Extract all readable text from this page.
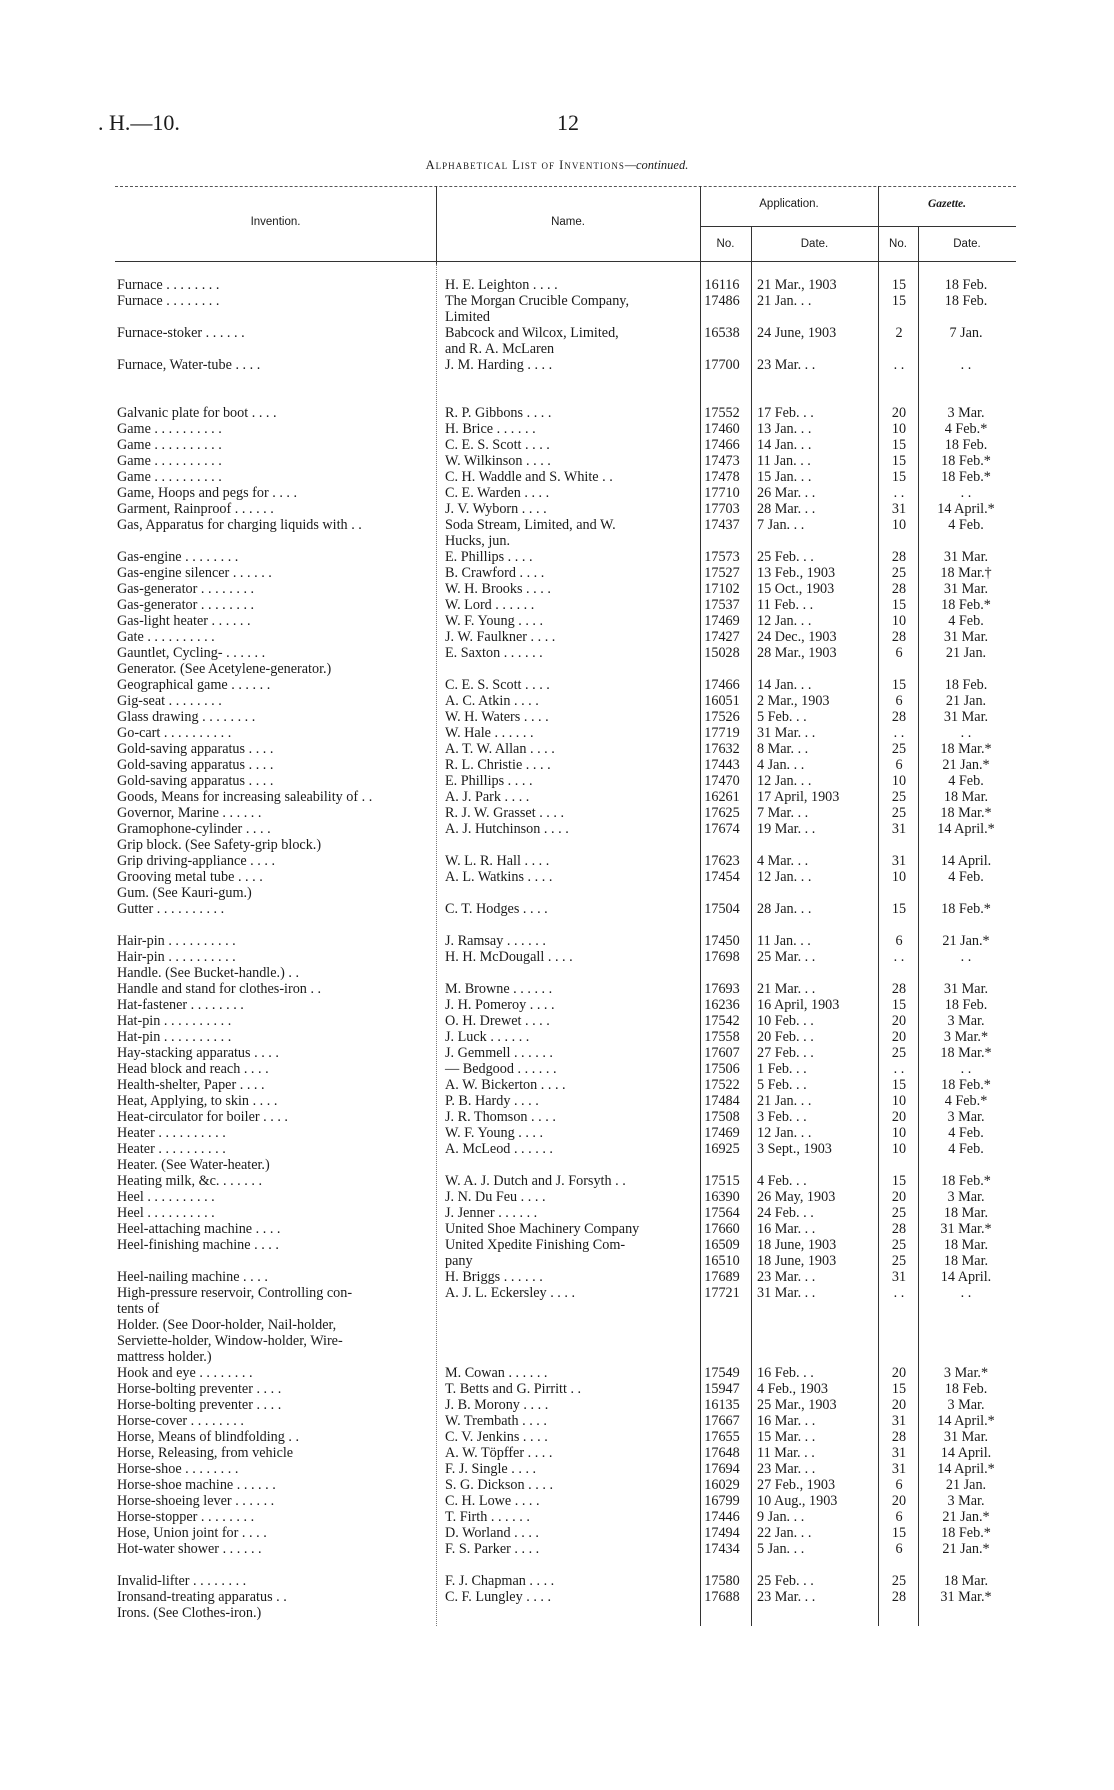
. H.—10.	12
Alphabetical List of Inventions—continued.
Invention.	Name.
Application.	Gazette.
No.	Date.	No.	Date.
Furnace . . . . . . . .	H. E. Leighton . . . .	16116 21 Mar., 1903	15	18 Feb.
Furnace . . . . . . . .	The Morgan Crucible Company,	17486 21 Jan. . .	15	18 Feb.
Limited
Furnace-stoker . . . . . .	Babcock and Wilcox, Limited,	16538 24 June, 1903	2	7 Jan.
and R. A. McLaren
Furnace, Water-tube . . . .	J. M. Harding . . . .	17700 23 Mar. . .	. .	. .
Galvanic plate for boot . . . .	R. P. Gibbons . . . .	17552 17 Feb. . .	20	3 Mar.
Game . . . . . . . . . .	H. Brice . . . . . .	17460 13 Jan. . .	10	4 Feb.*
Game . . . . . . . . . .	C. E. S. Scott . . . .	17466 14 Jan. . .	15	18 Feb.
Game . . . . . . . . . .	W. Wilkinson . . . .	17473 11 Jan. . .	15	18 Feb.*
Game . . . . . . . . . .	C. H. Waddle and S. White . .	17478 15 Jan. . .	15	18 Feb.*
Game, Hoops and pegs for . . . .	C. E. Warden . . . .	17710 26 Mar. . .	. .	. .
Garment, Rainproof . . . . . .	J. V. Wyborn . . . .	17703 28 Mar. . .	31	14 April.*
Gas, Apparatus for charging liquids with . .	Soda Stream, Limited, and W.	17437 7 Jan. . .	10	4 Feb.
Hucks, jun.
Gas-engine . . . . . . . .	E. Phillips . . . .	17573 25 Feb. . .	28	31 Mar.
Gas-engine silencer . . . . . .	B. Crawford . . . .	17527 13 Feb., 1903	25	18 Mar.†
Gas-generator . . . . . . . .	W. H. Brooks . . . .	17102 15 Oct., 1903	28	31 Mar.
Gas-generator . . . . . . . .	W. Lord . . . . . .	17537 11 Feb. . .	15	18 Feb.*
Gas-light heater . . . . . .	W. F. Young . . . .	17469 12 Jan. . .	10	4 Feb.
Gate . . . . . . . . . .	J. W. Faulkner . . . .	17427 24 Dec., 1903	28	31 Mar.
Gauntlet, Cycling- . . . . . .	E. Saxton . . . . . .	15028 28 Mar., 1903	6	21 Jan.
Generator. (See Acetylene-generator.)
Geographical game . . . . . .	C. E. S. Scott . . . .	17466 14 Jan. . .	15	18 Feb.
Gig-seat . . . . . . . .	A. C. Atkin . . . .	16051 2 Mar., 1903	6	21 Jan.
Glass drawing . . . . . . . .	W. H. Waters . . . .	17526 5 Feb. . .	28	31 Mar.
Go-cart . . . . . . . . . .	W. Hale . . . . . .	17719 31 Mar. . .	. .	. .
Gold-saving apparatus . . . .	A. T. W. Allan . . . .	17632 8 Mar. . .	25	18 Mar.*
Gold-saving apparatus . . . .	R. L. Christie . . . .	17443 4 Jan. . .	6	21 Jan.*
Gold-saving apparatus . . . .	E. Phillips . . . .	17470 12 Jan. . .	10	4 Feb.
Goods, Means for increasing saleability of . .	A. J. Park . . . .	16261 17 April, 1903	25	18 Mar.
Governor, Marine . . . . . .	R. J. W. Grasset . . . .	17625 7 Mar. . .	25	18 Mar.*
Gramophone-cylinder . . . .	A. J. Hutchinson . . . .	17674 19 Mar. . .	31	14 April.*
Grip block. (See Safety-grip block.)
Grip driving-appliance . . . .	W. L. R. Hall . . . .	17623 4 Mar. . .	31	14 April.
Grooving metal tube . . . .	A. L. Watkins . . . .	17454 12 Jan. . .	10	4 Feb.
Gum. (See Kauri-gum.)
Gutter . . . . . . . . . .	C. T. Hodges . . . .	17504 28 Jan. . .	15	18 Feb.*
Hair-pin . . . . . . . . . .	J. Ramsay . . . . . .	17450 11 Jan. . .	6	21 Jan.*
Hair-pin . . . . . . . . . .	H. H. McDougall . . . .	17698 25 Mar. . .	. .	. .
Handle. (See Bucket-handle.) . .
Handle and stand for clothes-iron . .	M. Browne . . . . . .	17693 21 Mar. . .	28	31 Mar.
Hat-fastener . . . . . . . .	J. H. Pomeroy . . . .	16236 16 April, 1903	15	18 Feb.
Hat-pin . . . . . . . . . .	O. H. Drewet . . . .	17542 10 Feb. . .	20	3 Mar.
Hat-pin . . . . . . . . . .	J. Luck . . . . . .	17558 20 Feb. . .	20	3 Mar.*
Hay-stacking apparatus . . . .	J. Gemmell . . . . . .	17607 27 Feb. . .	25	18 Mar.*
Head block and reach . . . .	— Bedgood . . . . . .	17506 1 Feb. . .	. .	. .
Health-shelter, Paper . . . .	A. W. Bickerton . . . .	17522 5 Feb. . .	15	18 Feb.*
Heat, Applying, to skin . . . .	P. B. Hardy . . . .	17484 21 Jan. . .	10	4 Feb.*
Heat-circulator for boiler . . . .	J. R. Thomson . . . .	17508 3 Feb. . .	20	3 Mar.
Heater . . . . . . . . . .	W. F. Young . . . .	17469 12 Jan. . .	10	4 Feb.
Heater . . . . . . . . . .	A. McLeod . . . . . .	16925 3 Sept., 1903	10	4 Feb.
Heater. (See Water-heater.)
Heating milk, &c. . . . . . .	W. A. J. Dutch and J. Forsyth . .	17515 4 Feb. . .	15	18 Feb.*
Heel . . . . . . . . . .	J. N. Du Feu . . . .	16390 26 May, 1903	20	3 Mar.
Heel . . . . . . . . . .	J. Jenner . . . . . .	17564 24 Feb. . .	25	18 Mar.
Heel-attaching machine . . . .	United Shoe Machinery Company	17660 16 Mar. . .	28	31 Mar.*
Heel-finishing machine . . . .	United Xpedite Finishing Com-	16509 18 June, 1903	25	18 Mar.
pany	16510 18 June, 1903	25	18 Mar.
Heel-nailing machine . . . .	H. Briggs . . . . . .	17689 23 Mar. . .	31	14 April.
High-pressure reservoir, Controlling con-	A. J. L. Eckersley . . . .	17721 31 Mar. . .	. .	. .
tents of
Holder. (See Door-holder, Nail-holder,
Serviette-holder, Window-holder, Wire-
mattress holder.)
Hook and eye . . . . . . . .	M. Cowan . . . . . .	17549 16 Feb. . .	20	3 Mar.*
Horse-bolting preventer . . . .	T. Betts and G. Pirritt . .	15947 4 Feb., 1903	15	18 Feb.
Horse-bolting preventer . . . .	J. B. Morony . . . .	16135 25 Mar., 1903	20	3 Mar.
Horse-cover . . . . . . . .	W. Trembath . . . .	17667 16 Mar. . .	31	14 April.*
Horse, Means of blindfolding . .	C. V. Jenkins . . . .	17655 15 Mar. . .	28	31 Mar.
Horse, Releasing, from vehicle	A. W. Töpffer . . . .	17648 11 Mar. . .	31	14 April.
Horse-shoe . . . . . . . .	F. J. Single . . . .	17694 23 Mar. . .	31	14 April.*
Horse-shoe machine . . . . . .	S. G. Dickson . . . .	16029 27 Feb., 1903	6	21 Jan.
Horse-shoeing lever . . . . . .	C. H. Lowe . . . .	16799 10 Aug., 1903	20	3 Mar.
Horse-stopper . . . . . . . .	T. Firth . . . . . .	17446 9 Jan. . .	6	21 Jan.*
Hose, Union joint for . . . .	D. Worland . . . .	17494 22 Jan. . .	15	18 Feb.*
Hot-water shower . . . . . .	F. S. Parker . . . .	17434 5 Jan. . .	6	21 Jan.*
Invalid-lifter . . . . . . . .	F. J. Chapman . . . .	17580 25 Feb. . .	25	18 Mar.
Ironsand-treating apparatus . .	C. F. Lungley . . . .	17688 23 Mar. . .	28	31 Mar.*
Irons. (See Clothes-iron.)
